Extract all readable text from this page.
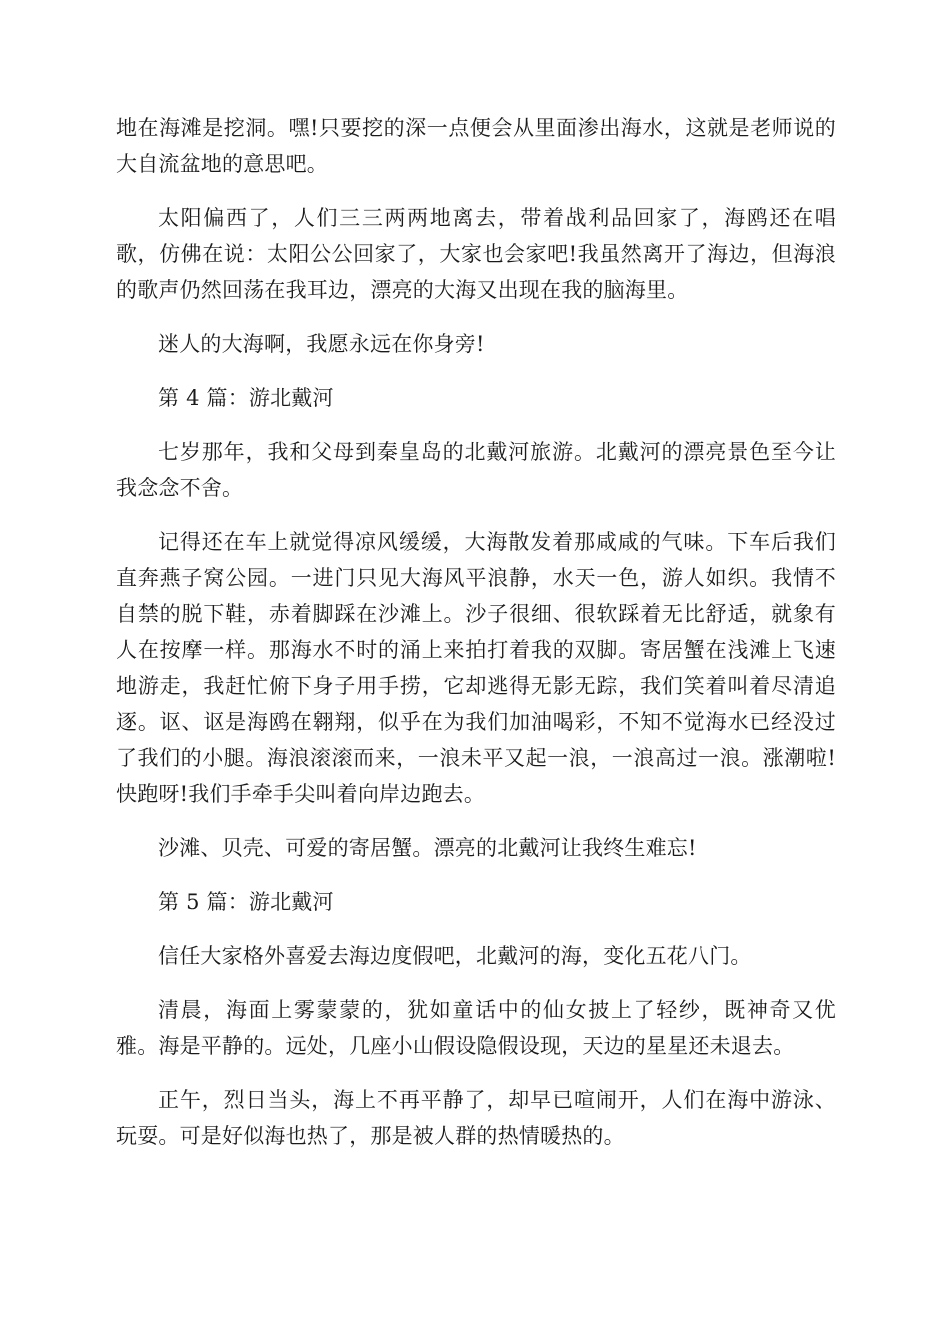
地在海滩是挖洞。嘿!只要挖的深一点便会从里面渗出海水，这就是老师说的大自流盆地的意思吧。

太阳偏西了，人们三三两两地离去，带着战利品回家了，海鸥还在唱歌，仿佛在说：太阳公公回家了，大家也会家吧!我虽然离开了海边，但海浪的歌声仍然回荡在我耳边，漂亮的大海又出现在我的脑海里。

迷人的大海啊，我愿永远在你身旁!

第 4 篇：游北戴河

七岁那年，我和父母到秦皇岛的北戴河旅游。北戴河的漂亮景色至今让我念念不舍。

记得还在车上就觉得凉风缓缓，大海散发着那咸咸的气味。下车后我们直奔燕子窝公园。一进门只见大海风平浪静，水天一色，游人如织。我情不自禁的脱下鞋，赤着脚踩在沙滩上。沙子很细、很软踩着无比舒适，就象有人在按摩一样。那海水不时的涌上来拍打着我的双脚。寄居蟹在浅滩上飞速地游走，我赶忙俯下身子用手捞，它却逃得无影无踪，我们笑着叫着尽清追逐。讴、讴是海鸥在翱翔，似乎在为我们加油喝彩，不知不觉海水已经没过了我们的小腿。海浪滚滚而来，一浪未平又起一浪，一浪高过一浪。涨潮啦!快跑呀!我们手牵手尖叫着向岸边跑去。

沙滩、贝壳、可爱的寄居蟹。漂亮的北戴河让我终生难忘!

第 5 篇：游北戴河

信任大家格外喜爱去海边度假吧，北戴河的海，变化五花八门。

清晨，海面上雾蒙蒙的，犹如童话中的仙女披上了轻纱，既神奇又优雅。海是平静的。远处，几座小山假设隐假设现，天边的星星还未退去。

正午，烈日当头，海上不再平静了，却早已喧闹开，人们在海中游泳、玩耍。可是好似海也热了，那是被人群的热情暖热的。
